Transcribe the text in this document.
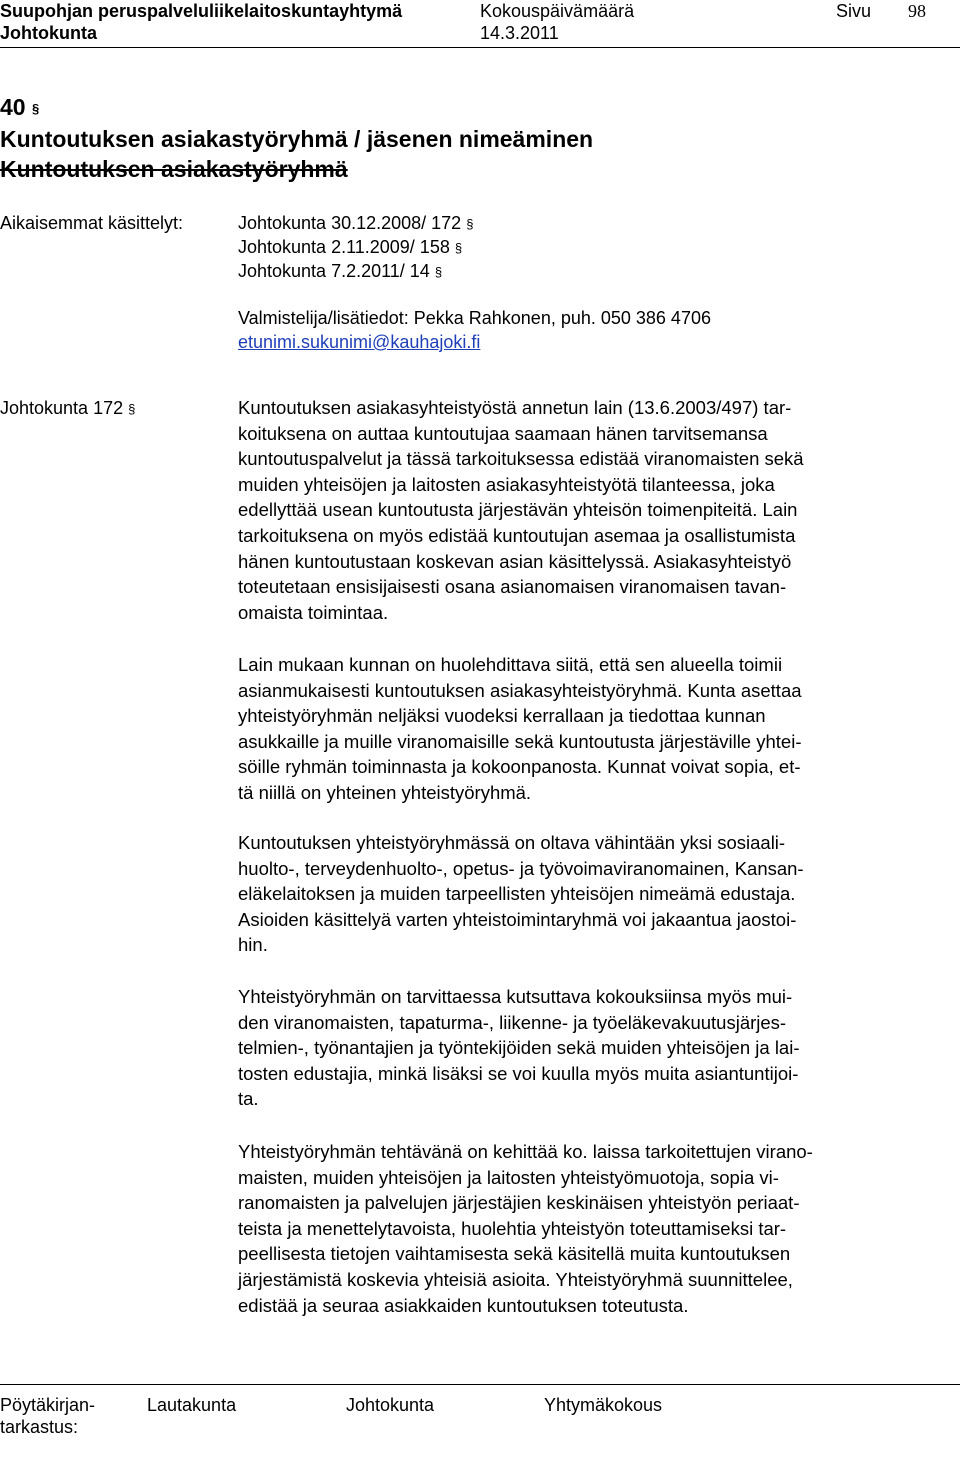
Suupohjan peruspalveluliikelaitoskuntayhtymä	Kokouspäivämäärä	Sivu 98
Johtokunta	14.3.2011
40 §
Kuntoutuksen asiakastyöryhmä / jäsenen nimeäminen
Kuntoutuksen asiakastyöryhmä
Aikaisemmat käsittelyt:	Johtokunta 30.12.2008/ 172 §
Johtokunta 2.11.2009/ 158 §
Johtokunta 7.2.2011/ 14 §
Valmistelija/lisätiedot: Pekka Rahkonen, puh. 050 386 4706
etunimi.sukunimi@kauhajoki.fi
Johtokunta 172 §	Kuntoutuksen asiakasyhteistyöstä annetun lain (13.6.2003/497) tar-
koituksena on auttaa kuntoutujaa saamaan hänen tarvitsemansa
kuntoutuspalvelut ja tässä tarkoituksessa edistää viranomaisten sekä
muiden yhteisöjen ja laitosten asiakasyhteistyötä tilanteessa, joka
edellyttää usean kuntoutusta järjestävän yhteisön toimenpiteitä. Lain
tarkoituksena on myös edistää kuntoutujan asemaa ja osallistumista
hänen kuntoutustaan koskevan asian käsittelyssä. Asiakasyhteistyö
toteutetaan ensisijaisesti osana asianomaisen viranomaisen tavan-
omaista toimintaa.
Lain mukaan kunnan on huolehdittava siitä, että sen alueella toimii
asianmukaisesti kuntoutuksen asiakasyhteistyöryhmä. Kunta asettaa
yhteistyöryhmän neljäksi vuodeksi kerrallaan ja tiedottaa kunnan
asukkaille ja muille viranomaisille sekä kuntoutusta järjestäville yhtei-
söille ryhmän toiminnasta ja kokoonpanosta. Kunnat voivat sopia, et-
tä niillä on yhteinen yhteistyöryhmä.
Kuntoutuksen yhteistyöryhmässä on oltava vähintään yksi sosiaali-
huolto-, terveydenhuolto-, opetus- ja työvoimaviranomainen, Kansan-
eläkelaitoksen ja muiden tarpeellisten yhteisöjen nimeämä edustaja.
Asioiden käsittelyä varten yhteistoimintaryhmä voi jakaantua jaostoi-
hin.
Yhteistyöryhmän on tarvittaessa kutsuttava kokouksiinsa myös mui-
den viranomaisten, tapaturma-, liikenne- ja työeläkevakuutusjärjes-
telmien-, työnantajien ja työntekijöiden sekä muiden yhteisöjen ja lai-
tosten edustajia, minkä lisäksi se voi kuulla myös muita asiantuntijoi-
ta.
Yhteistyöryhmän tehtävänä on kehittää ko. laissa tarkoitettujen virano-
maisten, muiden yhteisöjen ja laitosten yhteistyömuotoja, sopia vi-
ranomaisten ja palvelujen järjestäjien keskinäisen yhteistyön periaat-
teista ja menettelytavoista, huolehtia yhteistyön toteuttamiseksi tar-
peellisesta tietojen vaihtamisesta sekä käsitellä muita kuntoutuksen
järjestämistä koskevia yhteisiä asioita. Yhteistyöryhmä suunnittelee,
edistää ja seuraa asiakkaiden kuntoutuksen toteutusta.
Pöytäkirjan-
tarkastus:
Lautakunta	Johtokunta	Yhtymäkokous
